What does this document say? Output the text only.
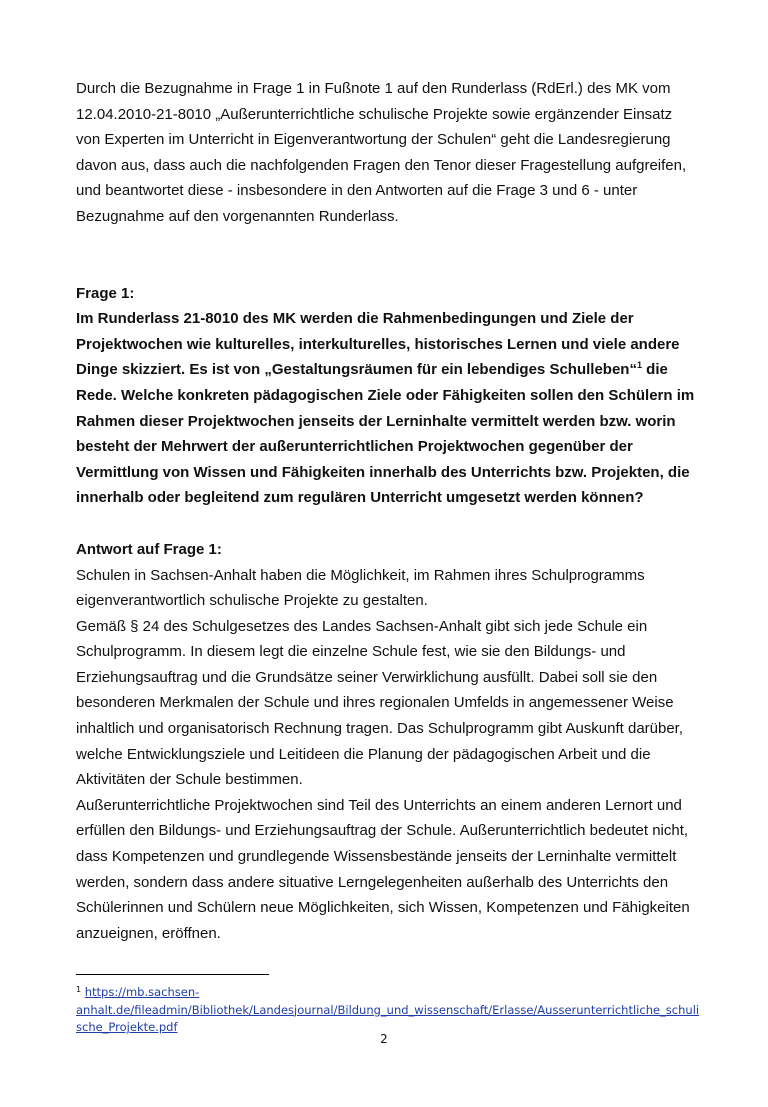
Durch die Bezugnahme in Frage 1 in Fußnote 1 auf den Runderlass (RdErl.) des MK vom
12.04.2010-21-8010 „Außerunterrichtliche schulische Projekte sowie ergänzender Einsatz
von Experten im Unterricht in Eigenverantwortung der Schulen“ geht die Landesregierung
davon aus, dass auch die nachfolgenden Fragen den Tenor dieser Fragestellung aufgreifen,
und beantwortet diese - insbesondere in den Antworten auf die Frage 3 und 6 - unter
Bezugnahme auf den vorgenannten Runderlass.

Frage 1:

Im Runderlass 21-8010 des MK werden die Rahmenbedingungen und Ziele der
Projektwochen wie kulturelles, interkulturelles, historisches Lernen und viele andere
Dinge skizziert. Es ist von „Gestaltungsräumen für ein lebendiges Schulleben“$^1$ die
Rede. Welche konkreten pädagogischen Ziele oder Fähigkeiten sollen den Schülern im
Rahmen dieser Projektwochen jenseits der Lerninhalte vermittelt werden bzw. worin
besteht der Mehrwert der außerunterrichtlichen Projektwochen gegenüber der
Vermittlung von Wissen und Fähigkeiten innerhalb des Unterrichts bzw. Projekten, die
innerhalb oder begleitend zum regulären Unterricht umgesetzt werden können?

Antwort auf Frage 1:

Schulen in Sachsen-Anhalt haben die Möglichkeit, im Rahmen ihres Schulprogramms
eigenverantwortlich schulische Projekte zu gestalten.
Gemäß § 24 des Schulgesetzes des Landes Sachsen-Anhalt gibt sich jede Schule ein
Schulprogramm. In diesem legt die einzelne Schule fest, wie sie den Bildungs- und
Erziehungsauftrag und die Grundsätze seiner Verwirklichung ausfüllt. Dabei soll sie den
besonderen Merkmalen der Schule und ihres regionalen Umfelds in angemessener Weise
inhaltlich und organisatorisch Rechnung tragen. Das Schulprogramm gibt Auskunft darüber,
welche Entwicklungsziele und Leitideen die Planung der pädagogischen Arbeit und die
Aktivitäten der Schule bestimmen.
Außerunterrichtliche Projektwochen sind Teil des Unterrichts an einem anderen Lernort und
erfüllen den Bildungs- und Erziehungsauftrag der Schule. Außerunterrichtlich bedeutet nicht,
dass Kompetenzen und grundlegende Wissensbestände jenseits der Lerninhalte vermittelt
werden, sondern dass andere situative Lerngelegenheiten außerhalb des Unterrichts den
Schülerinnen und Schülern neue Möglichkeiten, sich Wissen, Kompetenzen und Fähigkeiten
anzueignen, eröffnen.

$^1$ https://mb.sachsen-
anhalt.de/fileadmin/Bibliothek/Landesjournal/Bildung_und_wissenschaft/Erlasse/Ausserunterrichtliche_schuli
sche_Projekte.pdf
2
